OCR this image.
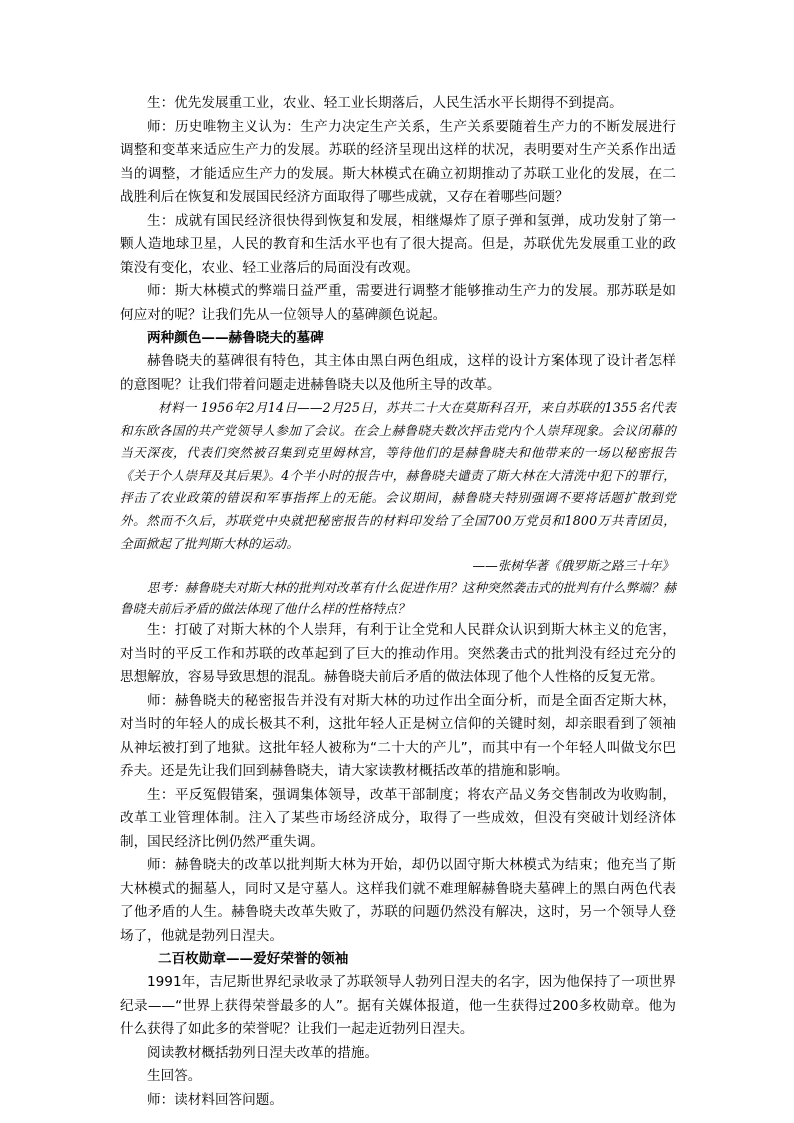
生：优先发展重工业，农业、轻工业长期落后，人民生活水平长期得不到提高。

师：历史唯物主义认为：生产力决定生产关系，生产关系要随着生产力的不断发展进行调整和变革来适应生产力的发展。苏联的经济呈现出这样的状况，表明要对生产关系作出适当的调整，才能适应生产力的发展。斯大林模式在确立初期推动了苏联工业化的发展，在二战胜利后在恢复和发展国民经济方面取得了哪些成就，又存在着哪些问题？

生：成就有国民经济很快得到恢复和发展，相继爆炸了原子弹和氢弹，成功发射了第一颗人造地球卫星，人民的教育和生活水平也有了很大提高。但是，苏联优先发展重工业的政策没有变化，农业、轻工业落后的局面没有改观。

师：斯大林模式的弊端日益严重，需要进行调整才能够推动生产力的发展。那苏联是如何应对的呢？让我们先从一位领导人的墓碑颜色说起。

两种颜色——赫鲁晓夫的墓碑

赫鲁晓夫的墓碑很有特色，其主体由黑白两色组成，这样的设计方案体现了设计者怎样的意图呢？让我们带着问题走进赫鲁晓夫以及他所主导的改革。

材料一 1956年2月14日——2月25日，苏共二十大在莫斯科召开，来自苏联的1355名代表和东欧各国的共产党领导人参加了会议。在会上赫鲁晓夫数次抨击党内个人崇拜现象。会议闭幕的当天深夜，代表们突然被召集到克里姆林宫，等待他们的是赫鲁晓夫和他带来的一场以秘密报告《关于个人崇拜及其后果》。4个半小时的报告中，赫鲁晓夫谴责了斯大林在大清洗中犯下的罪行，抨击了农业政策的错误和军事指挥上的无能。会议期间，赫鲁晓夫特别强调不要将话题扩散到党外。然而不久后，苏联党中央就把秘密报告的材料印发给了全国700万党员和1800万共青团员，全面掀起了批判斯大林的运动。

——张树华著《俄罗斯之路三十年》

思考：赫鲁晓夫对斯大林的批判对改革有什么促进作用？这种突然袭击式的批判有什么弊端？赫鲁晓夫前后矛盾的做法体现了他什么样的性格特点？

生：打破了对斯大林的个人崇拜，有利于让全党和人民群众认识到斯大林主义的危害，对当时的平反工作和苏联的改革起到了巨大的推动作用。突然袭击式的批判没有经过充分的思想解放，容易导致思想的混乱。赫鲁晓夫前后矛盾的做法体现了他个人性格的反复无常。

师：赫鲁晓夫的秘密报告并没有对斯大林的功过作出全面分析，而是全面否定斯大林，对当时的年轻人的成长极其不利，这批年轻人正是树立信仰的关键时刻，却亲眼看到了领袖从神坛被打到了地狱。这批年轻人被称为“二十大的产儿”，而其中有一个年轻人叫做戈尔巴乔夫。还是先让我们回到赫鲁晓夫，请大家读教材概括改革的措施和影响。

生：平反冤假错案，强调集体领导，改革干部制度；将农产品义务交售制改为收购制，改革工业管理体制。注入了某些市场经济成分，取得了一些成效，但没有突破计划经济体制，国民经济比例仍然严重失调。

师：赫鲁晓夫的改革以批判斯大林为开始，却仍以固守斯大林模式为结束；他充当了斯大林模式的掘墓人，同时又是守墓人。这样我们就不难理解赫鲁晓夫墓碑上的黑白两色代表了他矛盾的人生。赫鲁晓夫改革失败了，苏联的问题仍然没有解决，这时，另一个领导人登场了，他就是勃列日涅夫。

二百枚勋章——爱好荣誉的领袖

1991年，吉尼斯世界纪录收录了苏联领导人勃列日涅夫的名字，因为他保持了一项世界纪录——“世界上获得荣誉最多的人”。据有关媒体报道，他一生获得过200多枚勋章。他为什么获得了如此多的荣誉呢？让我们一起走近勃列日涅夫。

阅读教材概括勃列日涅夫改革的措施。

生回答。

师：读材料回答问题。
